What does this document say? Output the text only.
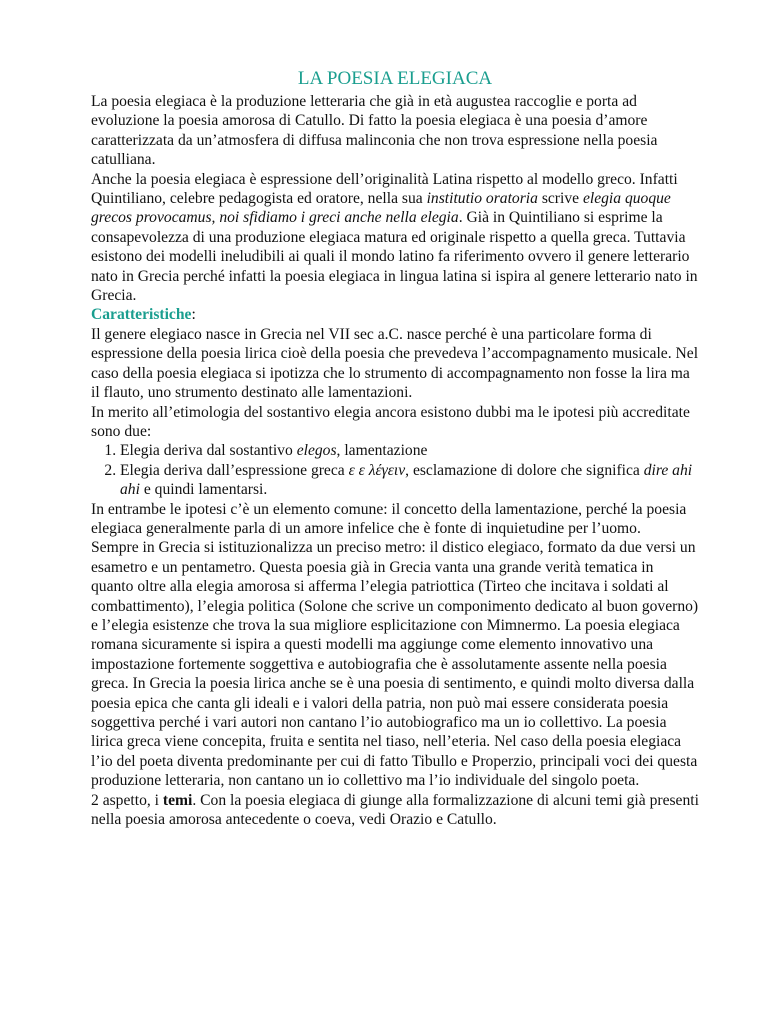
LA POESIA ELEGIACA

La poesia elegiaca è la produzione letteraria che già in età augustea raccoglie e porta ad evoluzione la poesia amorosa di Catullo. Di fatto la poesia elegiaca è una poesia d’amore caratterizzata da un’atmosfera di diffusa malinconia che non trova espressione nella poesia catulliana.

Anche la poesia elegiaca è espressione dell’originalità Latina rispetto al modello greco. Infatti Quintiliano, celebre pedagogista ed oratore, nella sua institutio oratoria scrive elegia quoque grecos provocamus, noi sfidiamo i greci anche nella elegia. Già in Quintiliano si esprime la consapevolezza di una produzione elegiaca matura ed originale rispetto a quella greca. Tuttavia esistono dei modelli ineludibili ai quali il mondo latino fa riferimento ovvero il genere letterario nato in Grecia perché infatti la poesia elegiaca in lingua latina si ispira al genere letterario nato in Grecia.

Caratteristiche:

Il genere elegiaco nasce in Grecia nel VII sec a.C. nasce perché è una particolare forma di espressione della poesia lirica cioè della poesia che prevedeva l’accompagnamento musicale. Nel caso della poesia elegiaca si ipotizza che lo strumento di accompagnamento non fosse la lira ma il flauto, uno strumento destinato alle lamentazioni.

In merito all’etimologia del sostantivo elegia ancora esistono dubbi ma le ipotesi più accreditate sono due:

1. Elegia deriva dal sostantivo elegos, lamentazione
2. Elegia deriva dall’espressione greca ε ε λέγειν, esclamazione di dolore che significa dire ahi ahi e quindi lamentarsi.

In entrambe le ipotesi c’è un elemento comune: il concetto della lamentazione, perché la poesia elegiaca generalmente parla di un amore infelice che è fonte di inquietudine per l’uomo.

Sempre in Grecia si istituzionalizza un preciso metro: il distico elegiaco, formato da due versi un esametro e un pentametro. Questa poesia già in Grecia vanta una grande verità tematica in quanto oltre alla elegia amorosa si afferma l’elegia patriottica (Tirteo che incitava i soldati al combattimento), l’elegia politica (Solone che scrive un componimento dedicato al buon governo) e l’elegia esistenze che trova la sua migliore esplicitazione con Mimnermo. La poesia elegiaca romana sicuramente si ispira a questi modelli ma aggiunge come elemento innovativo una impostazione fortemente soggettiva e autobiografia che è assolutamente assente nella poesia greca. In Grecia la poesia lirica anche se è una poesia di sentimento, e quindi molto diversa dalla poesia epica che canta gli ideali e i valori della patria, non può mai essere considerata poesia soggettiva perché i vari autori non cantano l’io autobiografico ma un io collettivo. La poesia lirica greca viene concepita, fruita e sentita nel tiaso, nell’eteria. Nel caso della poesia elegiaca l’io del poeta diventa predominante per cui di fatto Tibullo e Properzio, principali voci dei questa produzione letteraria, non cantano un io collettivo ma l’io individuale del singolo poeta.

2 aspetto, i temi. Con la poesia elegiaca di giunge alla formalizzazione di alcuni temi già presenti nella poesia amorosa antecedente o coeva, vedi Orazio e Catullo.
